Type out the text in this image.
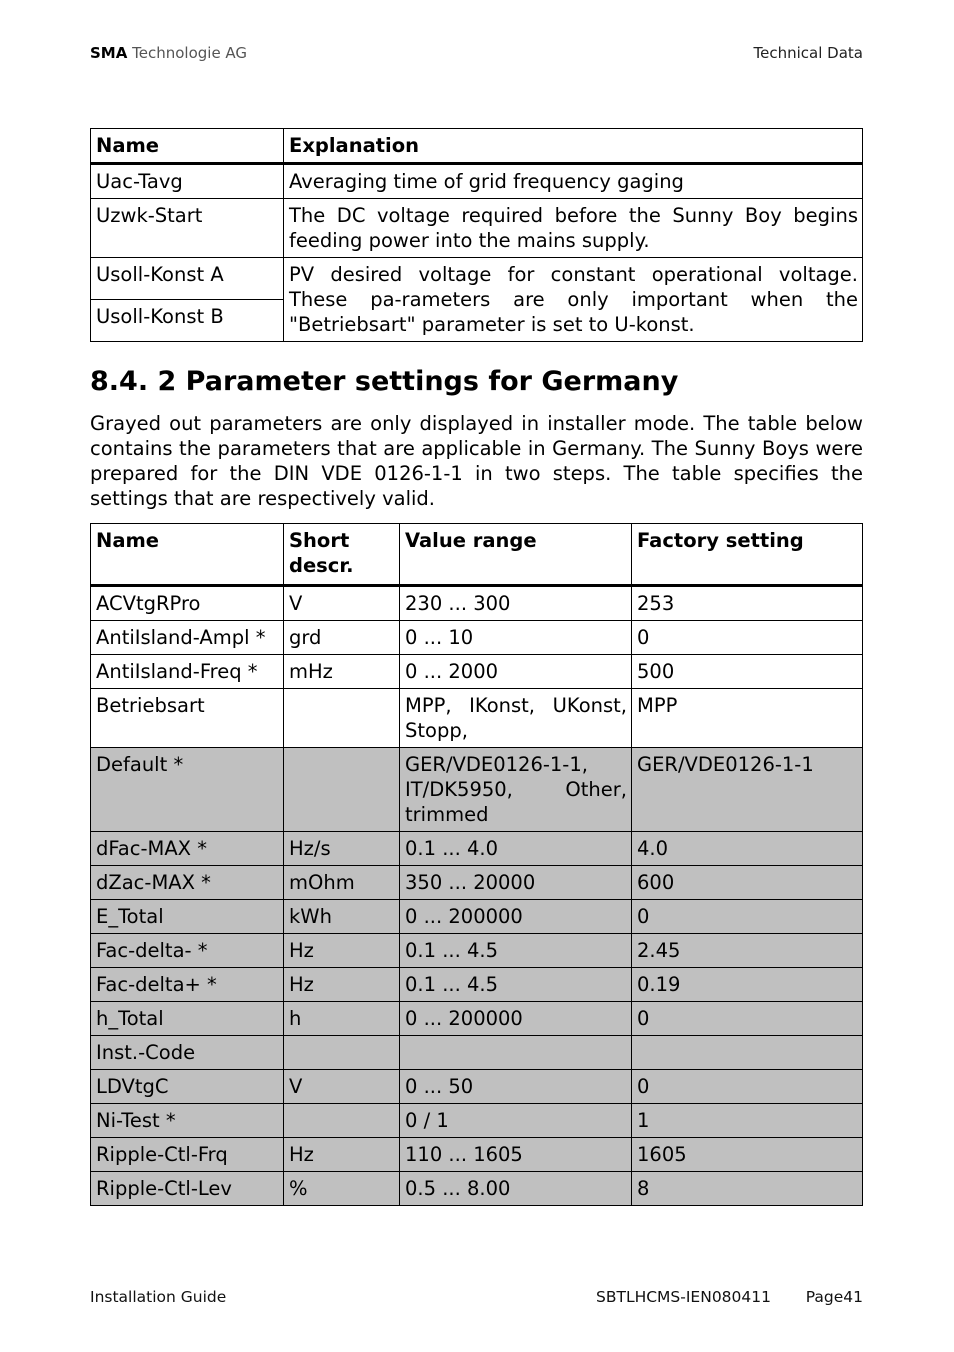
SMA Technologie AG	Technical Data
Name	Explanation
Uac-Tavg	Averaging time of grid frequency gaging
Uzwk-Start	The DC voltage required before the Sunny Boy begins feeding power into the mains supply.
Usoll-Konst A	PV desired voltage for constant operational voltage. These pa-rameters are only important when the "Betriebsart" parameter is set to U-konst.
Usoll-Konst B	
8.4. 2 Parameter settings for Germany

Grayed out parameters are only displayed in installer mode. The table below contains the parameters that are applicable in Germany. The Sunny Boys were prepared for the DIN VDE 0126-1-1 in two steps. The table specifies the settings that are respectively valid.

Name	Short descr.	Value range	Factory setting
ACVtgRPro	V	230 ... 300	253
AntiIsland-Ampl *	grd	0 ... 10	0
AntiIsland-Freq *	mHz	0 ... 2000	500
Betriebsart		MPP, IKonst, UKonst, Stopp,	MPP
Default *		GER/VDE0126-1-1, IT/DK5950, Other, trimmed	GER/VDE0126-1-1
dFac-MAX *	Hz/s	0.1 ... 4.0	4.0
dZac-MAX *	mOhm	350 ... 20000	600
E_Total	kWh	0 ... 200000	0
Fac-delta- *	Hz	0.1 ... 4.5	2.45
Fac-delta+ *	Hz	0.1 ... 4.5	0.19
h_Total	h	0 ... 200000	0
Inst.-Code			
LDVtgC	V	0 ... 50	0
Ni-Test *		0 / 1	1
Ripple-Ctl-Frq	Hz	110 ... 1605	1605
Ripple-Ctl-Lev	%	0.5 ... 8.00	8
Installation Guide	SBTLHCMS-IEN080411 Page41
